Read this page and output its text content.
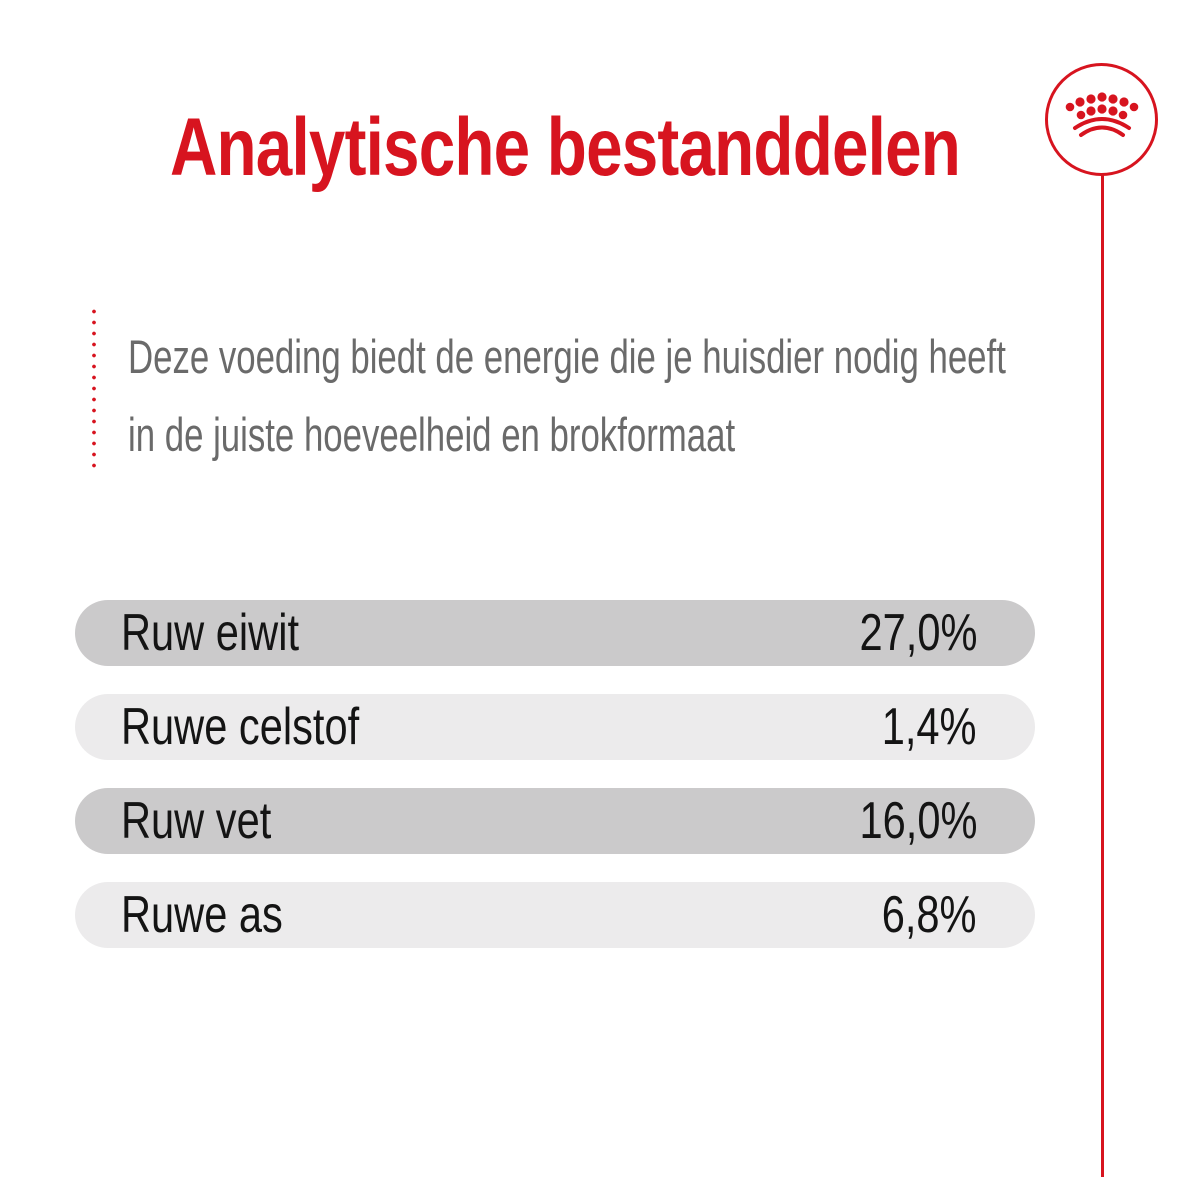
Analytische bestanddelen
Deze voeding biedt de energie die je huisdier nodig heeft
in de juiste hoeveelheid en brokformaat
Ruw eiwit	27,0%
Ruwe celstof	1,4%
Ruw vet	16,0%
Ruwe as	6,8%
